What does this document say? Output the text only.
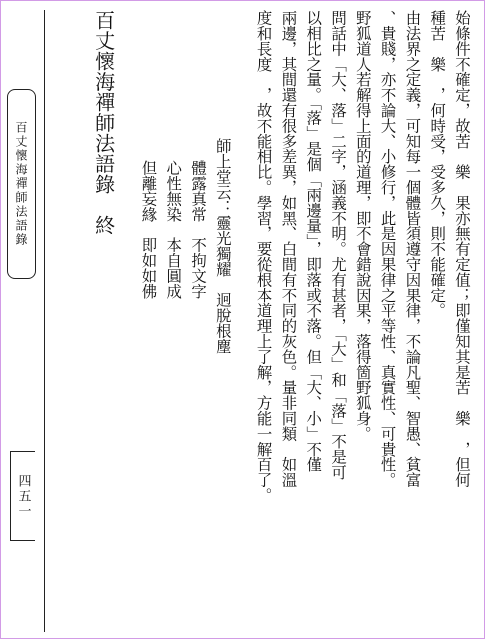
百丈懷海禪師法語錄
四五一
始條件不確定，故苦　樂　果亦無有定值；即僅知其是苦　樂　，但何
種苦　樂　，何時受，受多久，則不能確定。
由法界之定義，可知每一個體皆須遵守因果律，不論凡聖、智愚、貧富
、貴賤，亦不論大、小修行，此是因果律之平等性、真實性、可貴性。
野狐道人若解得上面的道理，即不會錯說因果，落得箇野狐身。
問話中「大、落」二字，涵義不明。尤有甚者，「大」和「落」不是可
以相比之量。「落」是個「兩邊量」，即落或不落。但「大、小」不僅
兩邊，其間還有很多差異，如黑、白間有不同的灰色。量非同類　如溫
度和長度　，故不能相比。學習，要從根本道理上了解，方能一解百了。
師上堂云：靈光獨耀　迥脫根塵
體露真常　不拘文字
心性無染　本自圓成
但離妄緣　即如如佛
百丈懷海禪師法語錄　終
